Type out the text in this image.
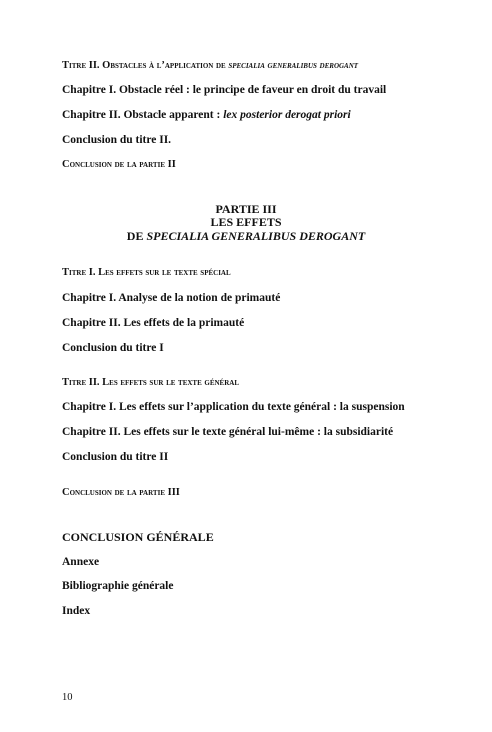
Titre II. Obstacles à l’application de specialia generalibus derogant
Chapitre I. Obstacle réel : le principe de faveur en droit du travail
Chapitre II. Obstacle apparent : lex posterior derogat priori
Conclusion du titre II.
Conclusion de la partie II
PARTIE III
LES EFFETS
DE SPECIALIA GENERALIBUS DEROGANT
Titre I. Les effets sur le texte spécial
Chapitre I. Analyse de la notion de primauté
Chapitre II. Les effets de la primauté
Conclusion du titre I
Titre II. Les effets sur le texte général
Chapitre I. Les effets sur l’application du texte général : la suspension
Chapitre II. Les effets sur le texte général lui-même : la subsidiarité
Conclusion du titre II
Conclusion de la partie III
CONCLUSION GÉNÉRALE
Annexe
Bibliographie générale
Index
10
